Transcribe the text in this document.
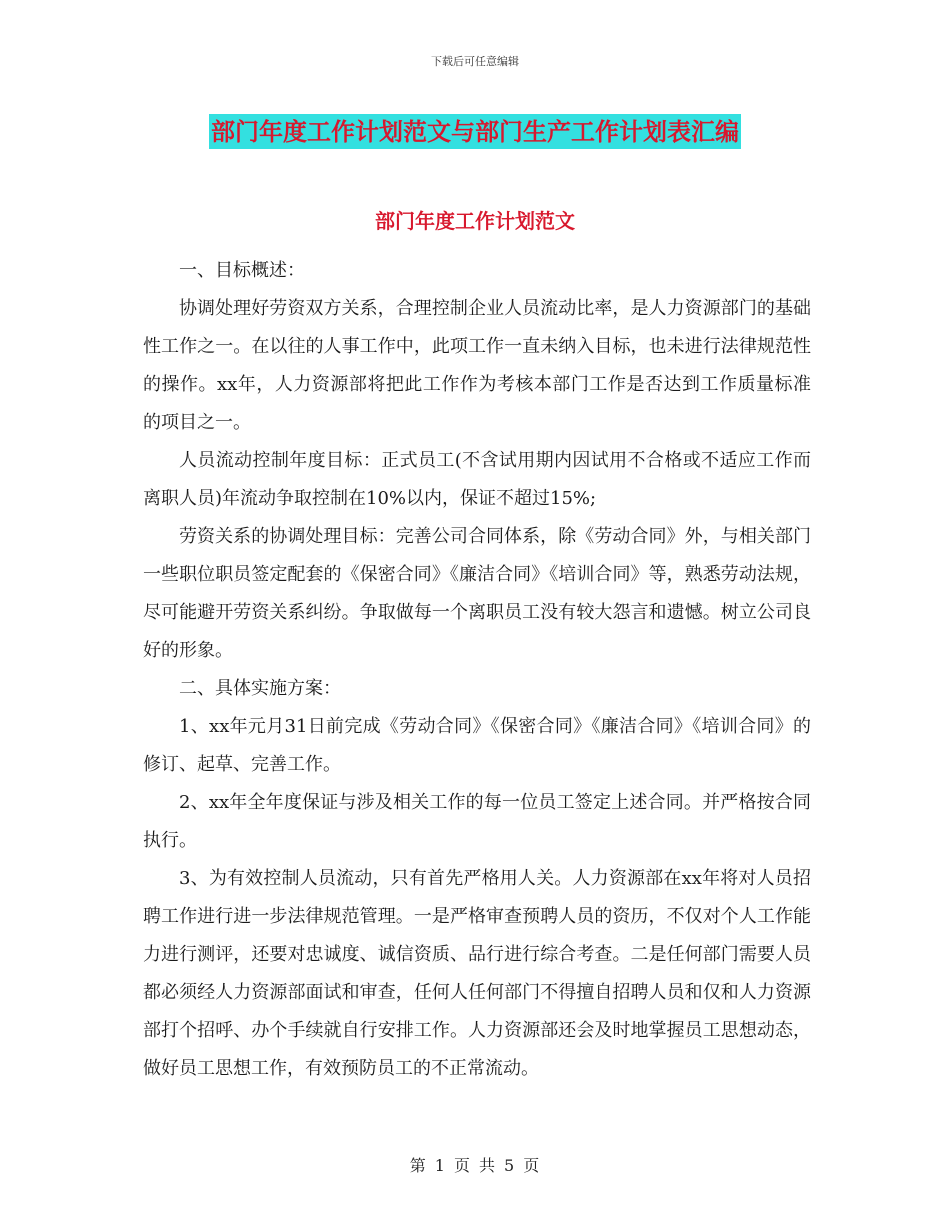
下载后可任意编辑
部门年度工作计划范文与部门生产工作计划表汇编
部门年度工作计划范文

一、目标概述：

协调处理好劳资双方关系，合理控制企业人员流动比率，是人力资源部门的基础性工作之一。在以往的人事工作中，此项工作一直未纳入目标，也未进行法律规范性的操作。xx年，人力资源部将把此工作作为考核本部门工作是否达到工作质量标准的项目之一。

人员流动控制年度目标：正式员工(不含试用期内因试用不合格或不适应工作而离职人员)年流动争取控制在10%以内，保证不超过15%;

劳资关系的协调处理目标：完善公司合同体系，除《劳动合同》外，与相关部门一些职位职员签定配套的《保密合同》《廉洁合同》《培训合同》等，熟悉劳动法规，尽可能避开劳资关系纠纷。争取做每一个离职员工没有较大怨言和遗憾。树立公司良好的形象。

二、具体实施方案：

1、xx年元月31日前完成《劳动合同》《保密合同》《廉洁合同》《培训合同》的修订、起草、完善工作。

2、xx年全年度保证与涉及相关工作的每一位员工签定上述合同。并严格按合同执行。

3、为有效控制人员流动，只有首先严格用人关。人力资源部在xx年将对人员招聘工作进行进一步法律规范管理。一是严格审查预聘人员的资历，不仅对个人工作能力进行测评，还要对忠诚度、诚信资质、品行进行综合考查。二是任何部门需要人员都必须经人力资源部面试和审查，任何人任何部门不得擅自招聘人员和仅和人力资源部打个招呼、办个手续就自行安排工作。人力资源部还会及时地掌握员工思想动态，做好员工思想工作，有效预防员工的不正常流动。

第 1 页 共 5 页
